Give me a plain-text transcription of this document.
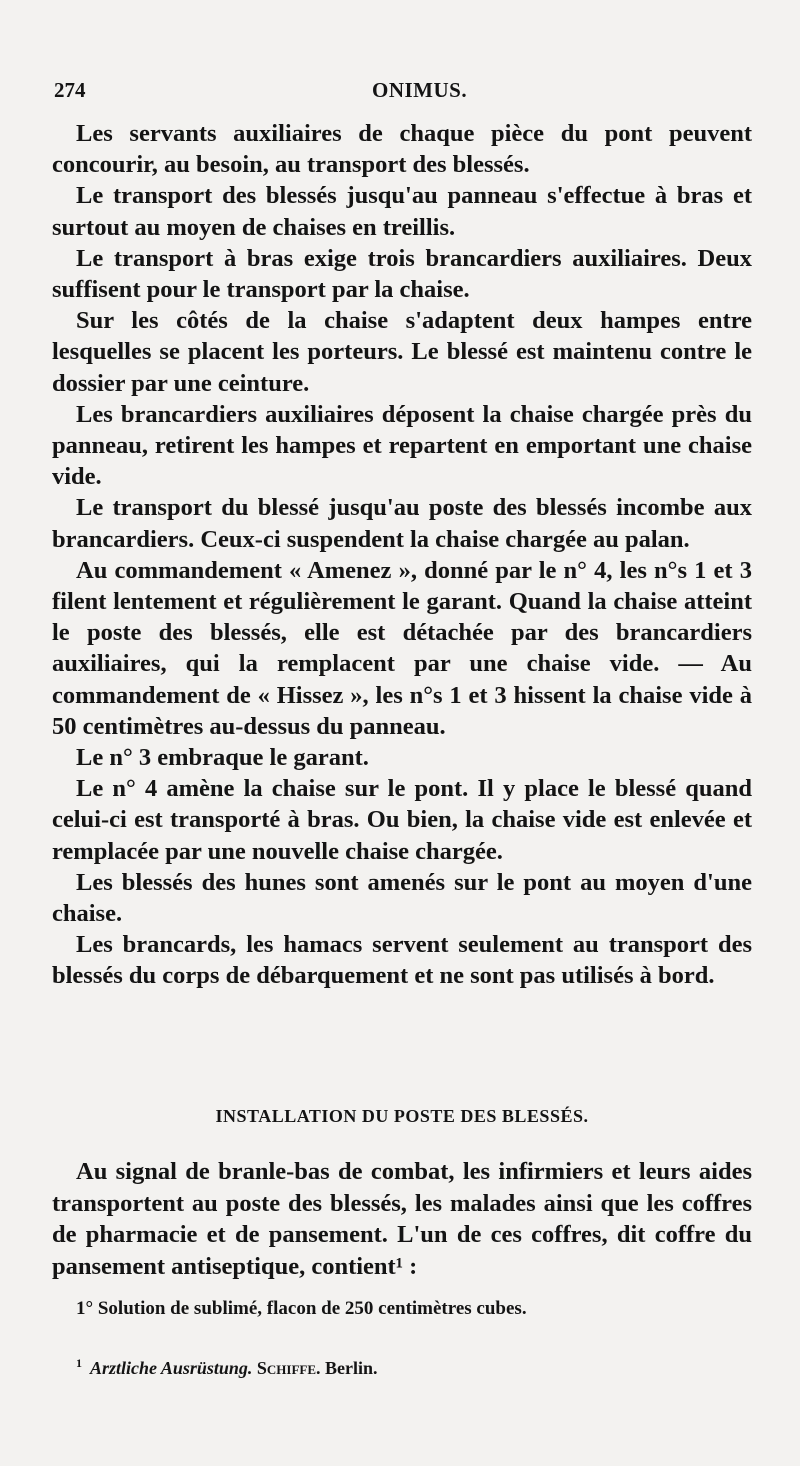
274	ONIMUS.

Les servants auxiliaires de chaque pièce du pont peuvent concourir, au besoin, au transport des blessés.

Le transport des blessés jusqu'au panneau s'effectue à bras et surtout au moyen de chaises en treillis.

Le transport à bras exige trois brancardiers auxiliaires. Deux suffisent pour le transport par la chaise.

Sur les côtés de la chaise s'adaptent deux hampes entre lesquelles se placent les porteurs. Le blessé est maintenu contre le dossier par une ceinture.

Les brancardiers auxiliaires déposent la chaise chargée près du panneau, retirent les hampes et repartent en emportant une chaise vide.

Le transport du blessé jusqu'au poste des blessés incombe aux brancardiers. Ceux-ci suspendent la chaise chargée au palan.

Au commandement « Amenez », donné par le n° 4, les n°s 1 et 3 filent lentement et régulièrement le garant. Quand la chaise atteint le poste des blessés, elle est détachée par des brancardiers auxiliaires, qui la remplacent par une chaise vide. — Au commandement de « Hissez », les n°s 1 et 3 hissent la chaise vide à 50 centimètres au-dessus du panneau.

Le n° 3 embraque le garant.

Le n° 4 amène la chaise sur le pont. Il y place le blessé quand celui-ci est transporté à bras. Ou bien, la chaise vide est enlevée et remplacée par une nouvelle chaise chargée.

Les blessés des hunes sont amenés sur le pont au moyen d'une chaise.

Les brancards, les hamacs servent seulement au transport des blessés du corps de débarquement et ne sont pas utilisés à bord.

INSTALLATION DU POSTE DES BLESSÉS.

Au signal de branle-bas de combat, les infirmiers et leurs aides transportent au poste des blessés, les malades ainsi que les coffres de pharmacie et de pansement. L'un de ces coffres, dit coffre du pansement antiseptique, contient¹ :

1° Solution de sublimé, flacon de 250 centimètres cubes.
$^1$ Arztliche Ausrüstung. Schiffe. Berlin.
